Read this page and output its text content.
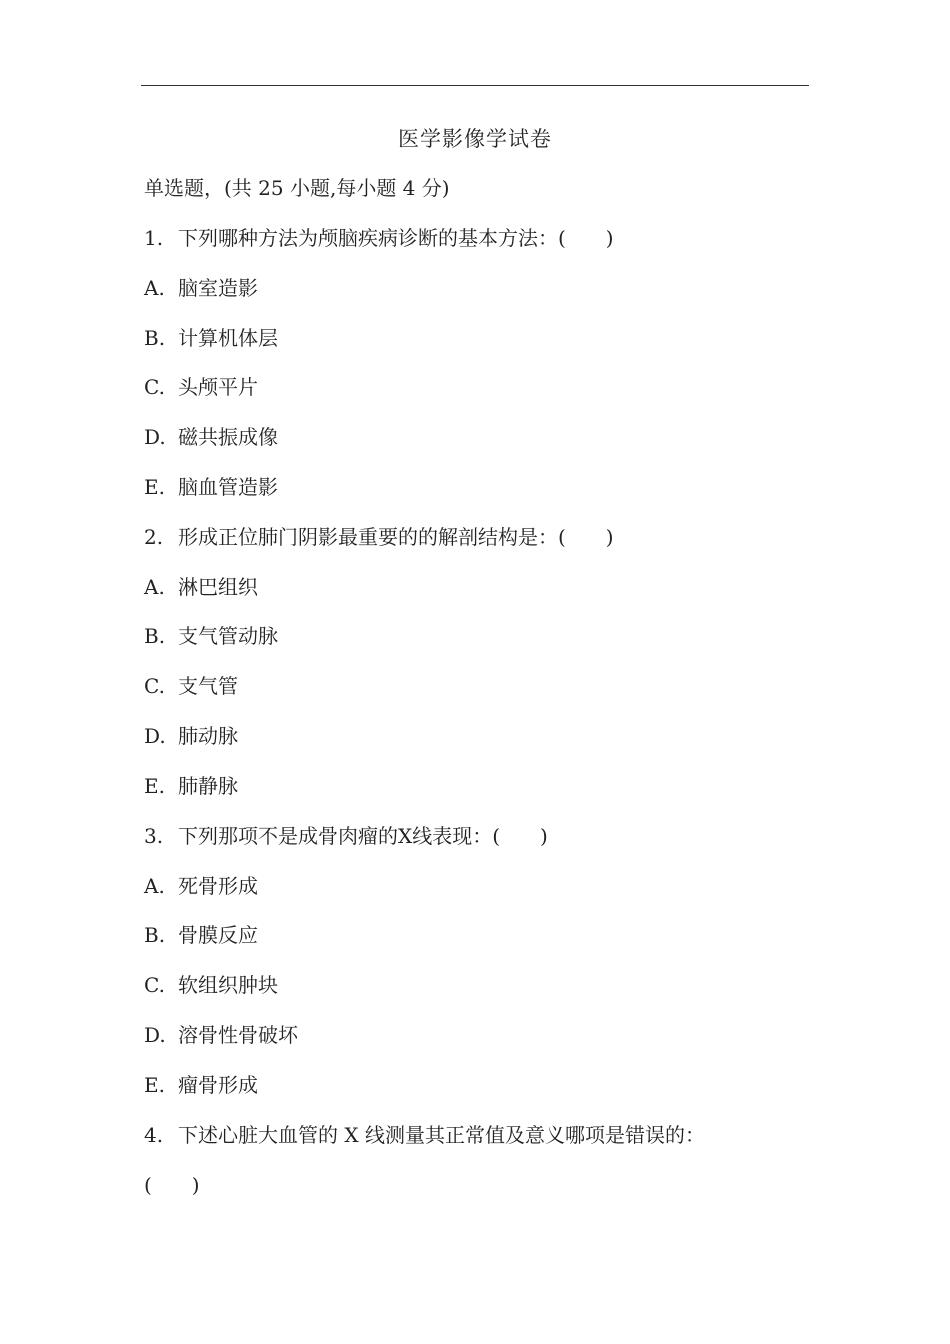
医学影像学试卷
单选题，(共 25 小题,每小题 4 分)
1. 下列哪种方法为颅脑疾病诊断的基本方法：(　　)
A. 脑室造影
B. 计算机体层
C. 头颅平片
D. 磁共振成像
E. 脑血管造影
2. 形成正位肺门阴影最重要的的解剖结构是：(　　)
A. 淋巴组织
B. 支气管动脉
C. 支气管
D. 肺动脉
E. 肺静脉
3. 下列那项不是成骨肉瘤的X线表现：(　　)
A. 死骨形成
B. 骨膜反应
C. 软组织肿块
D. 溶骨性骨破坏
E. 瘤骨形成
4. 下述心脏大血管的 X 线测量其正常值及意义哪项是错误的：
(　　)
